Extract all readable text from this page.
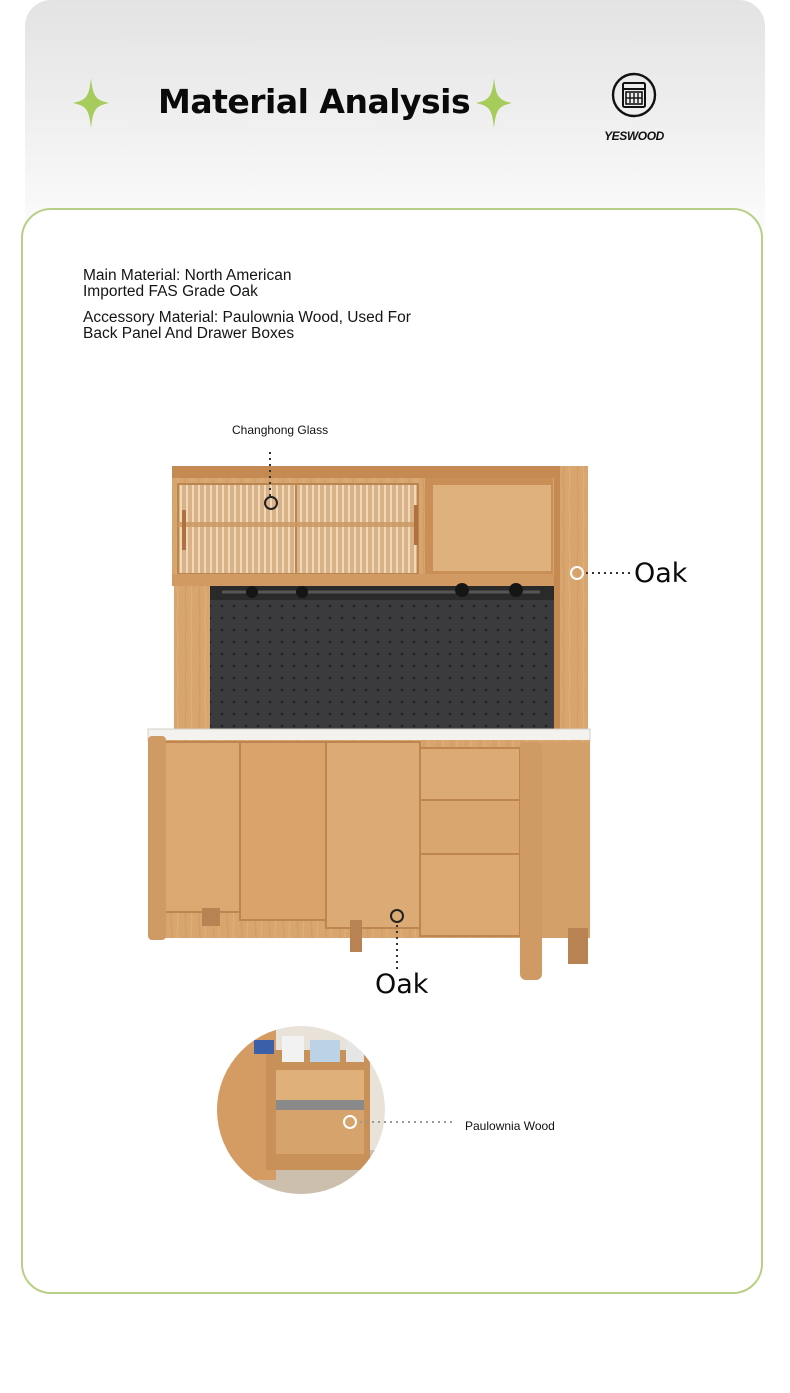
Material Analysis
YESWOOD
Main Material: North American Imported FAS Grade Oak
Accessory Material: Paulownia Wood, Used For Back Panel And Drawer Boxes
Changhong Glass
Oak
Oak
Paulownia Wood
